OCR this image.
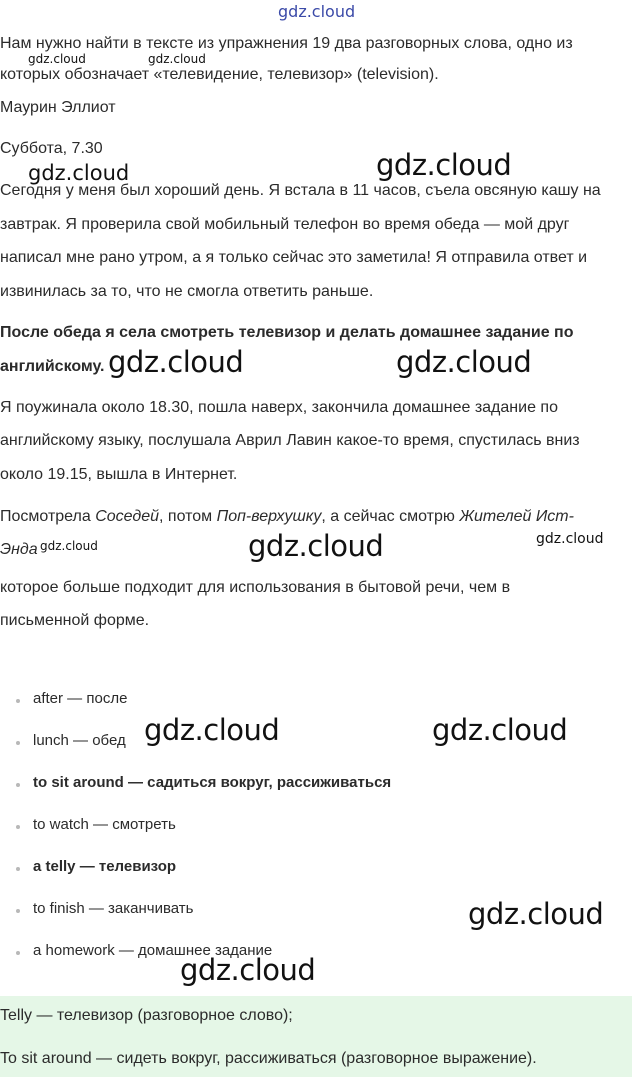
gdz.cloud
gdz.cloud	gdz.cloud
Нам нужно найти в тексте из упражнения 19 два разговорных слова, одно из
которых обозначает «телевидение, телевизор» (television).
Маурин Эллиот
Суббота, 7.30	gdz.cloud
gdz.cloud
Сегодня у меня был хороший день. Я встала в 11 часов, съела овсяную кашу на
завтрак. Я проверила свой мобильный телефон во время обеда — мой друг
написал мне рано утром, а я только сейчас это заметила! Я отправила ответ и
извинилась за то, что не смогла ответить раньше.
После обеда я села смотреть телевизор и делать домашнее задание по
английскому. gdz.cloud	gdz.cloud
Я поужинала около 18.30, пошла наверх, закончила домашнее задание по
английскому языку, послушала Аврил Лавин какое-то время, спустилась вниз
около 19.15, вышла в Интернет.
Посмотрела Соседей, потом Поп-верхушку, а сейчас смотрю Жителей Ист-
Энда gdz.cloud	gdz.cloud	gdz.cloud
которое больше подходит для использования в бытовой речи, чем в
письменной форме.
after — после
lunch — обед
to sit around — садиться вокруг, рассиживаться
to watch — смотреть
a telly — телевизор
to finish — заканчивать
a homework — домашнее задание
gdz.cloud	gdz.cloud
gdz.cloud
gdz.cloud
Telly — телевизор (разговорное слово);
To sit around — сидеть вокруг, рассиживаться (разговорное выражение).
